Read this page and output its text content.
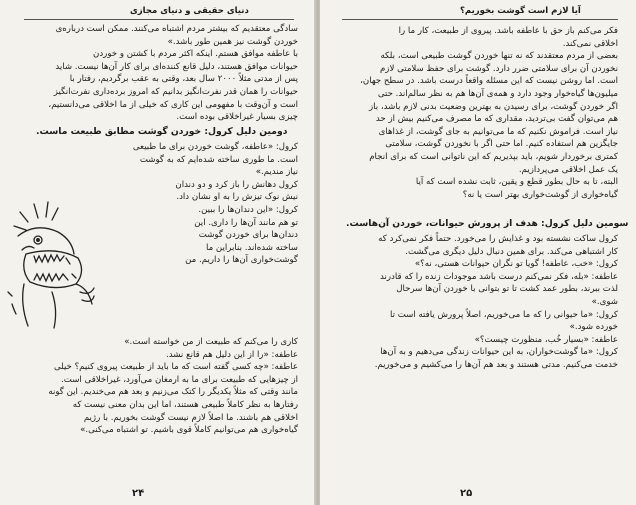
دنیای حقیقی و دنیای مجازی

سادگی معتقدیم که بیشتر مردم اشتباه می‌کنند. ممکن است درباره‌ی

خوردن گوشت نیز همین طور باشد.»

با عاطفه موافق هستم. اینکه اکثر مردم با کشتن و خوردن

حیوانات موافق هستند، دلیل قانع کننده‌ای برای کار آن‌ها نیست. شاید

پس از مدتی مثلاً ۲۰۰۰ سال بعد، وقتی به عقب برگردیم، رفتار با

حیوانات را همان قدر نفرت‌انگیز بدانیم که امروز برده‌داری نفرت‌انگیز

است و آن‌وقت با مفهومی این کاری که خیلی از ما اخلاقی می‌دانستیم،

چیزی بسیار غیراخلاقی بوده است.

دومین دلیل کرول: خوردن گوشت مطابق طبیعت ماست.

کرول: «عاطفه، گوشت خوردن برای ما طبیعی

است. ما طوری ساخته شده‌ایم که به گوشت

نیاز مندیم.»

کرول دهانش را باز کرد و دو دندان

نیش نوک تیزش را به او نشان داد.

کرول: «این دندان‌ها را ببین.

تو هم مانند آن‌ها را داری. این

دندان‌ها برای خوردن گوشت

ساخته شده‌اند. بنابراین ما

گوشت‌خواری آن‌ها را داریم. من

کاری را می‌کنم که طبیعت از من خواسته است.»

عاطفه: «را از این دلیل هم قانع نشد.

عاطفه: «چه کسی گفته است که ما باید از طبیعت پیروی کنیم؟ خیلی

از چیزهایی که طبیعت برای ما به ارمغان می‌آورد، غیراخلاقی است.

مانند وقتی که مثلاً یکدیگر را کتک می‌زنیم و بعد هم می‌خندیم. این گونه

رفتارها به نظر کاملاً طبیعی هستند، اما این بدان معنی نیست که

اخلاقی هم باشند. ما اصلاً لازم نیست گوشت بخوریم. با رژیم

گیاه‌خواری هم می‌توانیم کاملاً قوی باشیم. تو اشتباه می‌کنی.»

۲۴
آیا لازم است گوشت بخوریم؟

فکر می‌کنم باز حق با عاطفه باشد. پیروی از طبیعت، کار ما را

اخلاقی نمی‌کند.

بعضی از مردم معتقدند که نه تنها خوردن گوشت طبیعی است، بلکه

نخوردن آن برای سلامتی ضرر دارد. گوشت برای حفظ سلامتی لازم

است. اما روشن نیست که این مسئله واقعاً درست باشد. در سطح جهان،

میلیون‌ها گیاه‌خوار وجود دارد و همه‌ی آن‌ها هم به نظر سالم‌اند. حتی

اگر خوردن گوشت، برای رسیدن به بهترین وضعیت بدنی لازم باشد، باز

هم می‌توان گفت بی‌تردید، مقداری که ما مصرف می‌کنیم بیش از حد

نیاز است. فراموش نکنیم که ما می‌توانیم به جای گوشت، از غذاهای

جایگزین هم استفاده کنیم. اما حتی اگر با نخوردن گوشت، سلامتی

کمتری برخوردار شویم، باید بپذیریم که این ناتوانی است که برای انجام

یک عمل اخلاقی می‌پردازیم.

البته، تا به حال بطور قطع و یقین، ثابت نشده است که آیا

گیاه‌خواری از گوشت‌خواری بهتر است یا نه؟

سومین دلیل کرول: هدف از پرورش حیوانات، خوردن آن‌هاست.

کرول ساکت نشسته بود و غذایش را می‌خورد. حتماً فکر نمی‌کرد که

کار اشتباهی می‌کند. برای همین دنبال دلیل دیگری می‌گشت.

کرول: «خب، عاطفه! گویا تو نگران حیوانات هستی، نه؟»

عاطفه: «بله، فکر نمی‌کنم درست باشد موجودات زنده را که قادرند

لذت ببرند، بطور عمد کشت تا تو بتوانی با خوردن آن‌ها سرحال

شوی.»

کرول: «ما حیوانی را که ما می‌خوریم، اصلاً پرورش یافته است تا

خورده شود.»

عاطفه: «بسیار خُب، منظورت چیست؟»

کرول: «ما گوشت‌خواران، به این حیوانات زندگی می‌دهیم و به آن‌ها

خدمت می‌کنیم. مدتی هستند و بعد هم آن‌ها را می‌کشیم و می‌خوریم.

۲۵
